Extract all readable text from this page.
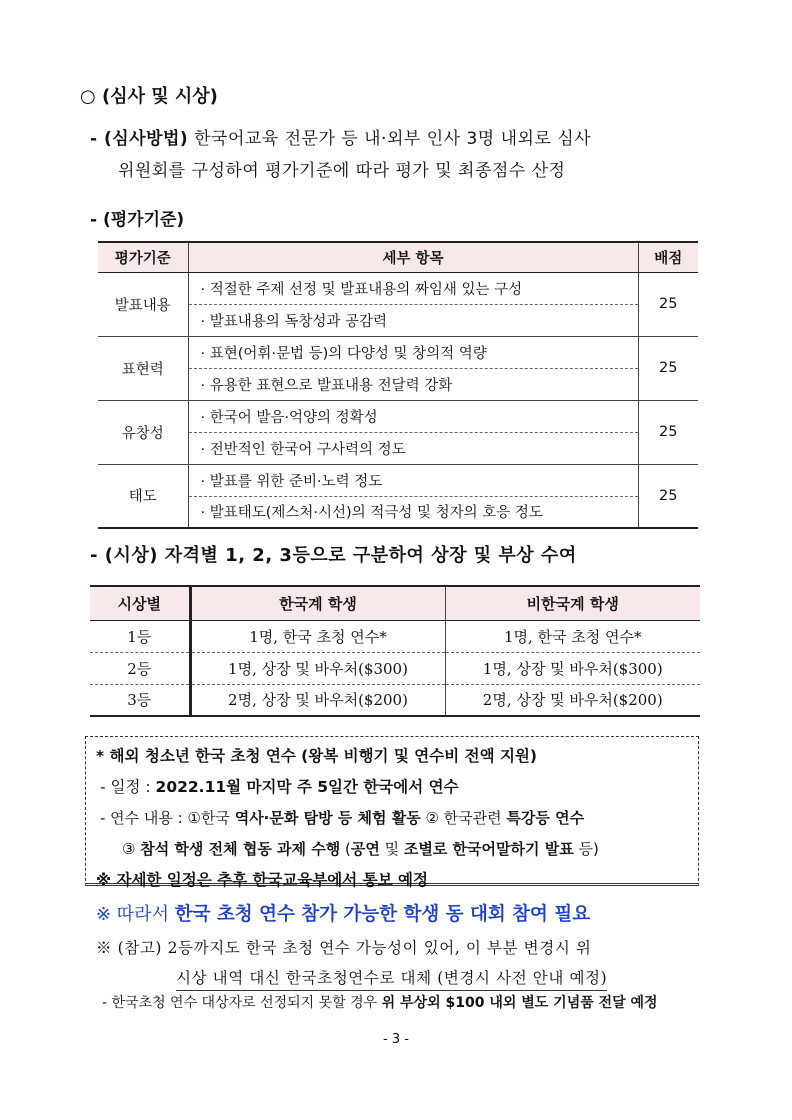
○ (심사 및 시상)
- (심사방법) 한국어교육 전문가 등 내·외부 인사 3명 내외로 심사
위원회를 구성하여 평가기준에 따라 평가 및 최종점수 산정
- (평가기준)
평가기준	세부 항목	배점
발표내용	· 적절한 주제 선정 및 발표내용의 짜임새 있는 구성	25
	· 발표내용의 독창성과 공감력	
표현력	· 표현(어휘·문법 등)의 다양성 및 창의적 역량	25
	· 유용한 표현으로 발표내용 전달력 강화	
유창성	· 한국어 발음·억양의 정확성	25
	· 전반적인 한국어 구사력의 정도	
태도	· 발표를 위한 준비·노력 정도	25
	· 발표태도(제스처·시선)의 적극성 및 청자의 호응 정도	
- (시상) 자격별 1, 2, 3등으로 구분하여 상장 및 부상 수여
시상별	한국계 학생	비한국계 학생
1등	1명, 한국 초청 연수*	1명, 한국 초청 연수*
2등	1명, 상장 및 바우처($300)	1명, 상장 및 바우처($300)
3등	2명, 상장 및 바우처($200)	2명, 상장 및 바우처($200)
* 해외 청소년 한국 초청 연수 (왕복 비행기 및 연수비 전액 지원)
- 일정 : 2022.11월 마지막 주 5일간 한국에서 연수
- 연수 내용 : ①한국 역사·문화 탐방 등 체험 활동 ② 한국관련 특강등 연수
③ 참석 학생 전체 협동 과제 수행 (공연 및 조별로 한국어말하기 발표 등)
※ 자세한 일정은 추후 한국교육부에서 통보 예정
※ 따라서 한국 초청 연수 참가 가능한 학생 동 대회 참여 필요
※ (참고) 2등까지도 한국 초청 연수 가능성이 있어, 이 부분 변경시 위
시상 내역 대신 한국초청연수로 대체 (변경시 사전 안내 예정)
- 한국초청 연수 대상자로 선정되지 못할 경우 위 부상외 $100 내외 별도 기념품 전달 예정
- 3 -
